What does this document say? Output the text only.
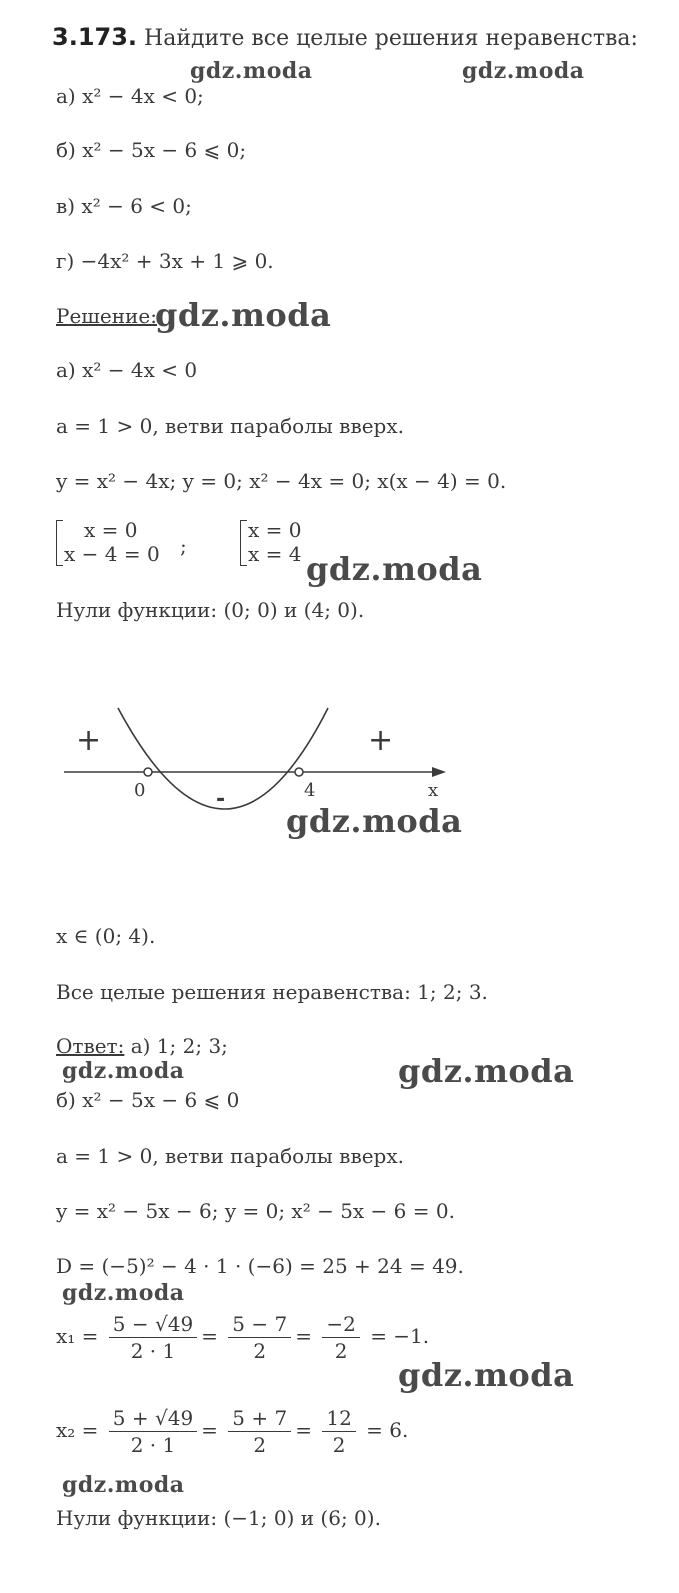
3.173. Найдите все целые решения неравенства:
gdz.moda	gdz.moda
а) x² − 4x < 0;
б) x² − 5x − 6 ⩽ 0;
в) x² − 6 < 0;
г) −4x² + 3x + 1 ⩾ 0.
Решение:
gdz.moda
а) x² − 4x < 0
a = 1 > 0, ветви параболы вверх.
y = x² − 4x; y = 0; x² − 4x = 0; x(x − 4) = 0.
x = 0
x − 4 = 0 ;
x = 0
x = 4 gdz.moda
Нули функции: (0; 0) и (4; 0).
+	+
-
0	4	x
gdz.moda
x ∈ (0; 4).
Все целые решения неравенства: 1; 2; 3.
Ответ: а) 1; 2; 3;
gdz.moda	gdz.moda
б) x² − 5x − 6 ⩽ 0
a = 1 > 0, ветви параболы вверх.
y = x² − 5x − 6; y = 0; x² − 5x − 6 = 0.
D = (−5)² − 4 · 1 · (−6) = 25 + 24 = 49.
gdz.moda
$x_1 = \frac{5 - √49}{2 \cdot 1} = \frac{5 - 7}{2} = \frac{-2}{2} = -1$.
gdz.moda
$x_2 = \frac{5 + √49}{2 \cdot 1} = \frac{5 + 7}{2} = \frac{12}{2} = 6$.
gdz.moda
Нули функции: (−1; 0) и (6; 0).
